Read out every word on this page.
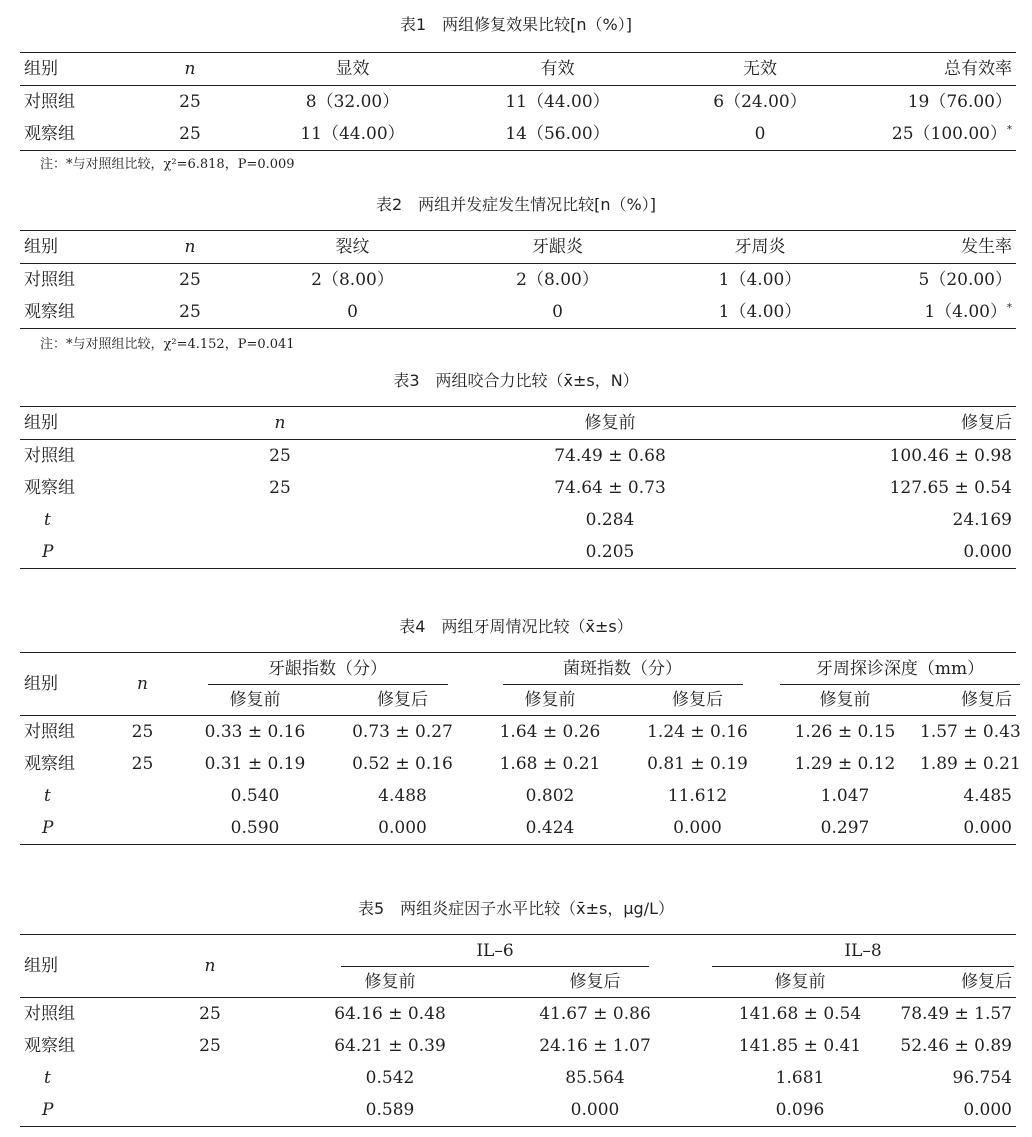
表1　两组修复效果比较[n（%）]
组别	n	显效	有效	无效	总有效率
对照组	25	8（32.00）	11（44.00）	6（24.00）	19（76.00）
观察组	25	11（44.00）	14（56.00）	0	25（100.00）*
注：*与对照组比较，χ²=6.818，P=0.009
表2　两组并发症发生情况比较[n（%）]
组别	n	裂纹	牙龈炎	牙周炎	发生率
对照组	25	2（8.00）	2（8.00）	1（4.00）	5（20.00）
观察组	25	0	0	1（4.00）	1（4.00）*
注：*与对照组比较，χ²=4.152，P=0.041
表3　两组咬合力比较（x̄±s，N）
组别	n	修复前	修复后
对照组	25	74.49 ± 0.68	100.46 ± 0.98
观察组	25	74.64 ± 0.73	127.65 ± 0.54
t		0.284	24.169
P		0.205	0.000
表4　两组牙周情况比较（x̄±s）
组别	n	牙龈指数（分）		菌斑指数（分）		牙周探诊深度（mm）	

		修复前	修复后	修复前	修复后	修复前	修复后
对照组	25	0.33 ± 0.16	0.73 ± 0.27	1.64 ± 0.26	1.24 ± 0.16	1.26 ± 0.15	1.57 ± 0.43
观察组	25	0.31 ± 0.19	0.52 ± 0.16	1.68 ± 0.21	0.81 ± 0.19	1.29 ± 0.12	1.89 ± 0.21
t		0.540	4.488	0.802	11.612	1.047	4.485
P		0.590	0.000	0.424	0.000	0.297	0.000
表5　两组炎症因子水平比较（x̄±s，μg/L）
组别	n	IL–6		IL–8	

		修复前	修复后	修复前	修复后
对照组	25	64.16 ± 0.48	41.67 ± 0.86	141.68 ± 0.54	78.49 ± 1.57
观察组	25	64.21 ± 0.39	24.16 ± 1.07	141.85 ± 0.41	52.46 ± 0.89
t		0.542	85.564	1.681	96.754
P		0.589	0.000	0.096	0.000
